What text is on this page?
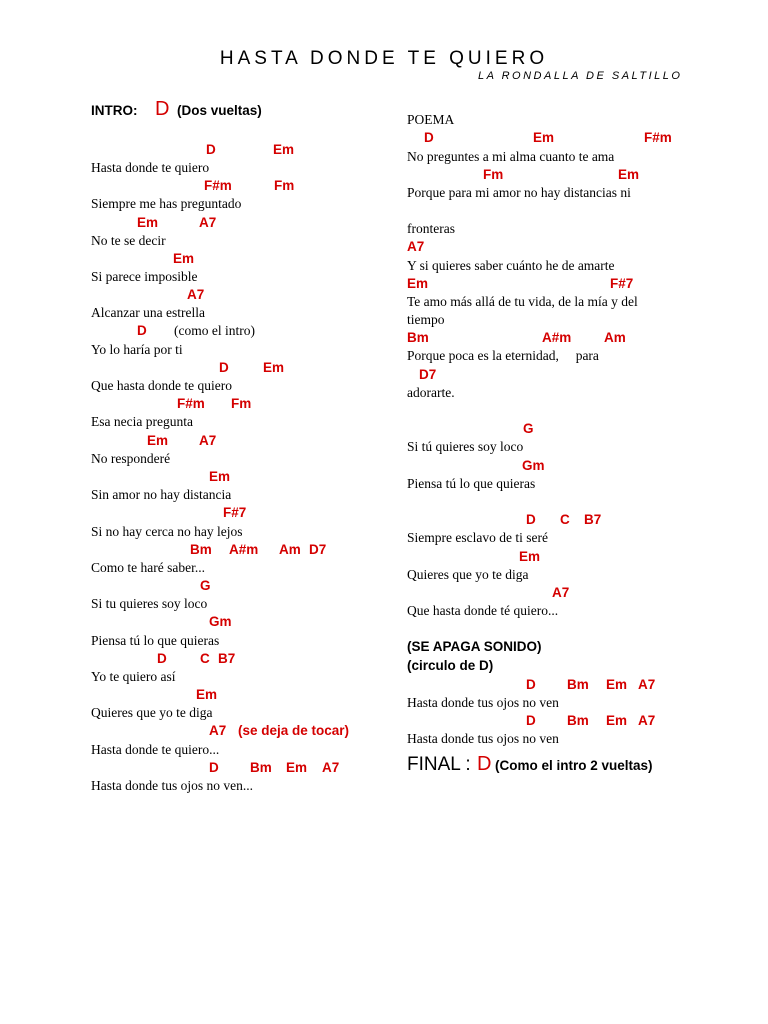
HASTA DONDE TE QUIERO
LA RONDALLA DE SALTILLO
INTRO: D (Dos vueltas)
D	Em
Hasta donde te quiero
F#m	Fm
Siempre me has preguntado
Em	A7
No te se decir
Em
Si parece imposible
A7
Alcanzar una estrella
D (como el intro)
Yo lo haría por ti
D	Em
Que hasta donde te quiero
F#m Fm
Esa necia pregunta
Em A7
No responderé
Em
Sin amor no hay distancia
F#7
Si no hay cerca no hay lejos
Bm A#m Am D7
Como te haré saber...
G
Si tu quieres soy loco
Gm
Piensa tú lo que quieras
D C B7
Yo te quiero así
Em
Quieres que yo te diga
A7 (se deja de tocar)
Hasta donde te quiero...
D Bm Em A7
Hasta donde tus ojos no ven...
POEMA
D	Em	F#m
No preguntes a mi alma cuanto te ama
Fm	Em
Porque para mi amor no hay distancias ni
fronteras
A7
Y si quieres saber cuánto he de amarte
Em	F#7
Te amo más allá de tu vida, de la mía y del
tiempo
Bm	A#m Am
Porque poca es la eternidad,     para
D7
adorarte.
G
Si tú quieres soy loco
Gm
Piensa tú lo que quieras
D C B7
Siempre esclavo de ti seré
Em
Quieres que yo te diga
A7
Que hasta donde té quiero...
(SE APAGA SONIDO)
(circulo de D)
D Bm Em A7
Hasta donde tus ojos no ven
D Bm Em A7
Hasta donde tus ojos no ven
FINAL : D (Como el intro 2 vueltas)
